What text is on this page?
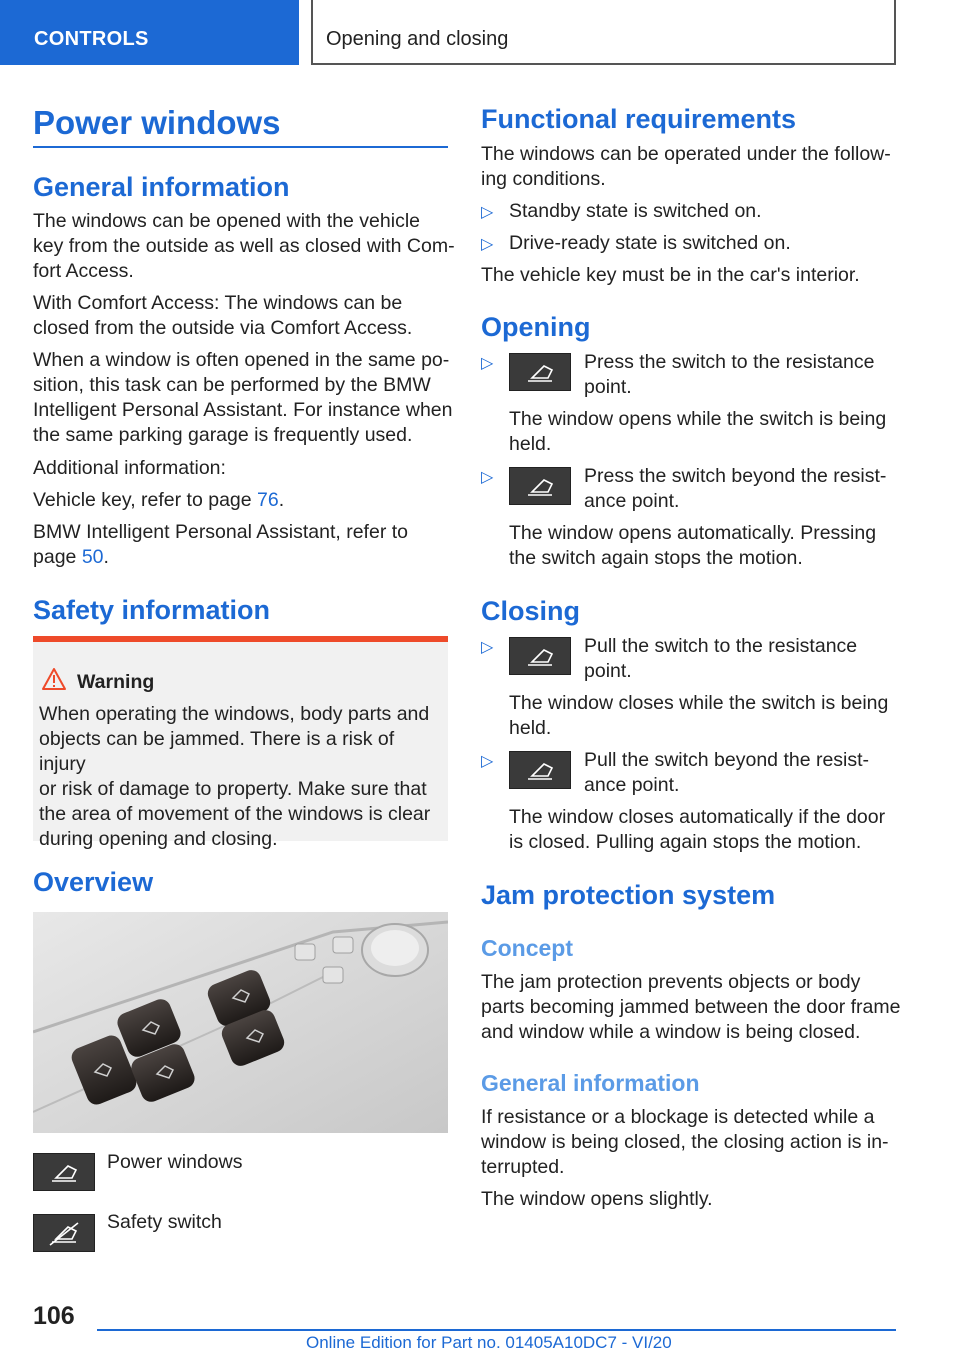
CONTROLS	Opening and closing
Power windows
General information

The windows can be opened with the vehicle

key from the outside as well as closed with Com-

fort Access.

With Comfort Access: The windows can be

closed from the outside via Comfort Access.

When a window is often opened in the same po-

sition, this task can be performed by the BMW

Intelligent Personal Assistant. For instance when

the same parking garage is frequently used.

Additional information:

Vehicle key, refer to page 76.

BMW Intelligent Personal Assistant, refer to

page 50.

Safety information
Warning
When operating the windows, body parts and
objects can be jammed. There is a risk of injury
or risk of damage to property. Make sure that
the area of movement of the windows is clear
during opening and closing.
Overview

Power windows

Safety switch

Functional requirements

The windows can be operated under the follow-

ing conditions.

▷ Standby state is switched on.

▷ Drive-ready state is switched on.

The vehicle key must be in the car's interior.

Opening
▷	Press the switch to the resistance

point.

The window opens while the switch is being

held.

▷	Press the switch beyond the resist-

ance point.

The window opens automatically. Pressing

the switch again stops the motion.

Closing
▷	Pull the switch to the resistance

point.

The window closes while the switch is being

held.

▷	Pull the switch beyond the resist-

ance point.

The window closes automatically if the door

is closed. Pulling again stops the motion.

Jam protection system
Concept

The jam protection prevents objects or body

parts becoming jammed between the door frame

and window while a window is being closed.

General information

If resistance or a blockage is detected while a

window is being closed, the closing action is in-

terrupted.

The window opens slightly.

106
Online Edition for Part no. 01405A10DC7 - VI/20
